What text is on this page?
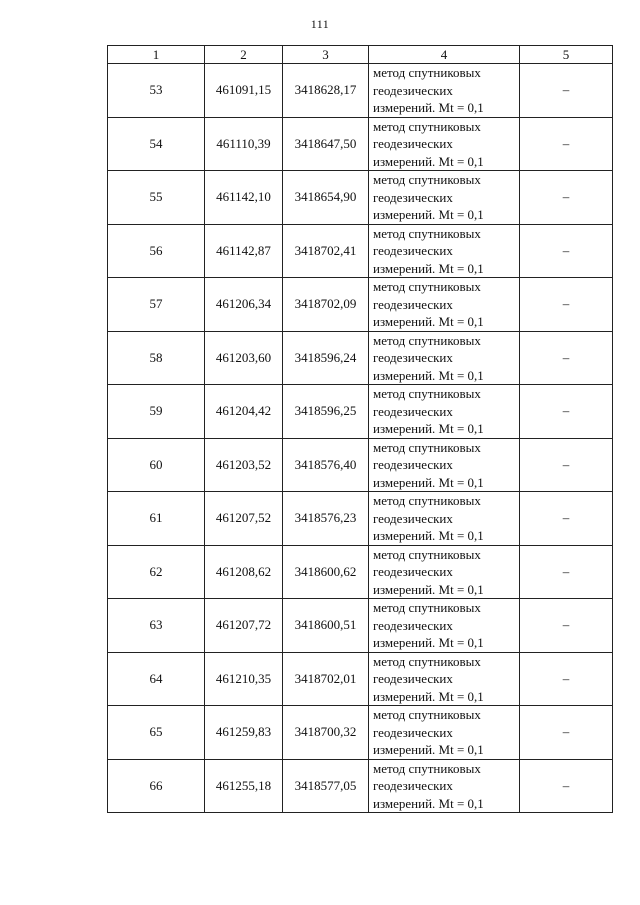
111
1	2	3	4	5
53	461091,15	3418628,17	метод спутниковых
геодезических
измерений. Mt = 0,1	–
54	461110,39	3418647,50	метод спутниковых
геодезических
измерений. Mt = 0,1	–
55	461142,10	3418654,90	метод спутниковых
геодезических
измерений. Mt = 0,1	–
56	461142,87	3418702,41	метод спутниковых
геодезических
измерений. Mt = 0,1	–
57	461206,34	3418702,09	метод спутниковых
геодезических
измерений. Mt = 0,1	–
58	461203,60	3418596,24	метод спутниковых
геодезических
измерений. Mt = 0,1	–
59	461204,42	3418596,25	метод спутниковых
геодезических
измерений. Mt = 0,1	–
60	461203,52	3418576,40	метод спутниковых
геодезических
измерений. Mt = 0,1	–
61	461207,52	3418576,23	метод спутниковых
геодезических
измерений. Mt = 0,1	–
62	461208,62	3418600,62	метод спутниковых
геодезических
измерений. Mt = 0,1	–
63	461207,72	3418600,51	метод спутниковых
геодезических
измерений. Mt = 0,1	–
64	461210,35	3418702,01	метод спутниковых
геодезических
измерений. Mt = 0,1	–
65	461259,83	3418700,32	метод спутниковых
геодезических
измерений. Mt = 0,1	–
66	461255,18	3418577,05	метод спутниковых
геодезических
измерений. Mt = 0,1	–
